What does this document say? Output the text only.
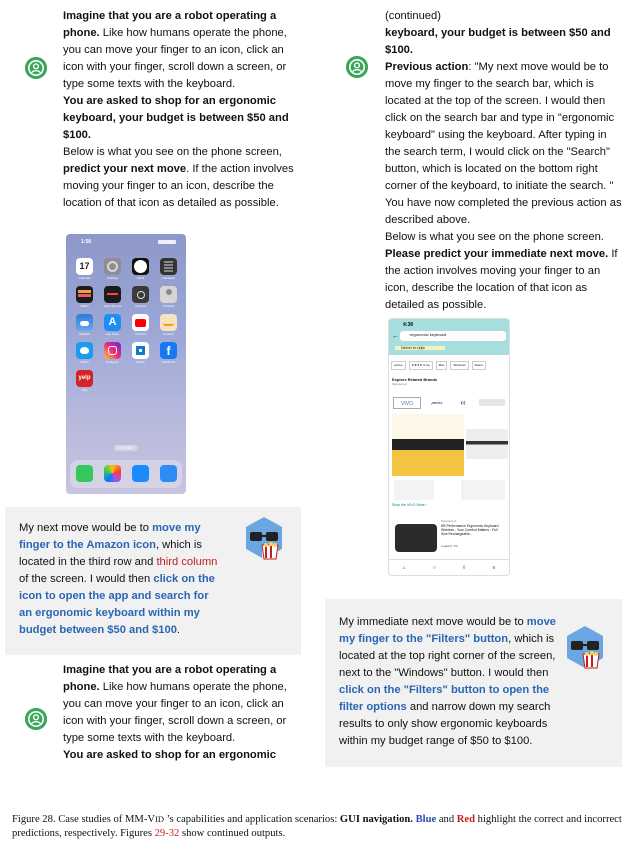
Imagine that you are a robot operating a
phone. Like how humans operate the phone,
you can move your finger to an icon, click an
icon with your finger, scroll down a screen, or
type some texts with the keyboard.
You are asked to shop for an ergonomic
keyboard, your budget is between $50 and
$100.
Below is what you see on the phone screen,
predict your next move. If the action involves
moving your finger to an icon, describe the
location of that icon as detailed as possible.
1:58
17
A
f
yelp
Calendar	Settings	Clock	Calculator
Wallet	Voice Memos	Camera	Contacts
Weather	App Store	YouTube	Amazon
Twitter	Instagram	Chase	Facebook
Yelp
Q Search
My next move would be to move my finger to the Amazon icon, which is located in the third row and third column of the screen. I would then click on the icon to open the app and search for an ergonomic keyboard within my budget between $50 and $100.
Imagine that you are a robot operating a
phone. Like how humans operate the phone,
you can move your finger to an icon, click an
icon with your finger, scroll down a screen, or
type some texts with the keyboard.
You are asked to shop for an ergonomic
(continued)
keyboard, your budget is between $50 and
$100.
Previous action: "My next move would be to move my finger to the search bar, which is located at the top of the screen. I would then click on the search bar and type in "ergonomic keyboard" using the keyboard. After typing in the search term, I would click on the "Search" button, which is located on the bottom right corner of the keyboard, to initiate the search. " You have now completed the previous action as described above.
Below is what you see on the phone screen.
Please predict your immediate next move. If the action involves moving your finger to an icon, describe the location of that icon as detailed as possible.
4:38
←	ergonomic keyboard
Deliver to Linjie
Lpfree	★★★★ & Up	Mac	Windows	Filters
Explore Related Brands
Sponsored
VIVO	perixx	‹‹
Shop the VIVO Store ›
Sponsored
KB Performance Ergonomic Keyboard Wireless - Your Comfort Matters - Full Size Rechargeable...
Logitech, PC
⌂	○	◊	≡
My immediate next move would be to move my finger to the "Filters" button, which is located at the top right corner of the screen, next to the "Windows" button. I would then click on the "Filters" button to open the filter options and narrow down my search results to only show ergonomic keyboards within my budget range of $50 to $100.
Figure 28. Case studies of MM-VID ’s capabilities and application scenarios: GUI navigation. Blue and Red highlight the correct and incorrect predictions, respectively. Figures 29-32 show continued outputs.
